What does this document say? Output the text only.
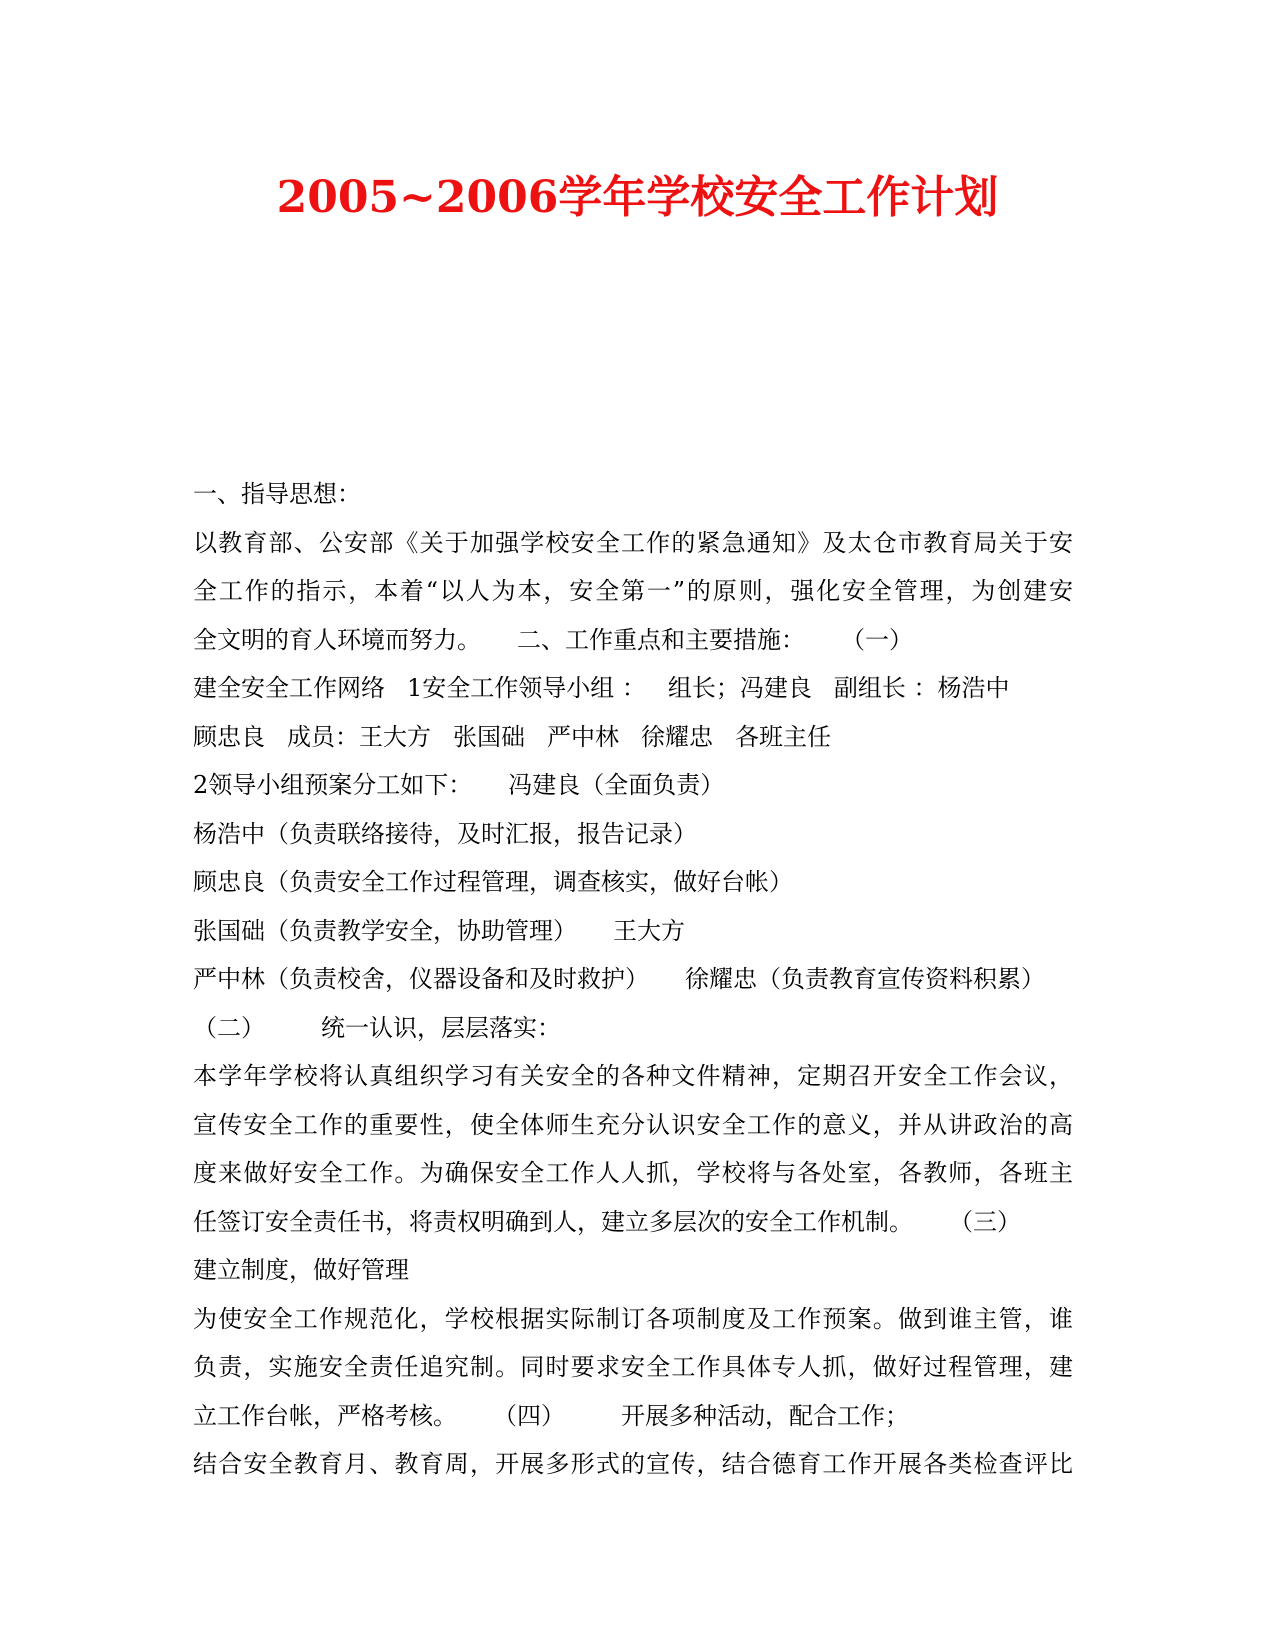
2005~2006学年学校安全工作计划
一、指导思想：
以教育部、公安部《关于加强学校安全工作的紧急通知》及太仓市教育局关于安
全工作的指示，本着“以人为本，安全第一”的原则，强化安全管理，为创建安
全文明的育人环境而努力。 二、工作重点和主要措施： （一）
建全安全工作网络 1安全工作领导小组 ： 组长；冯建良 副组长 ：杨浩中
顾忠良 成员：王大方 张国础 严中林 徐耀忠 各班主任
2领导小组预案分工如下： 冯建良（全面负责）
杨浩中（负责联络接待，及时汇报，报告记录）
顾忠良（负责安全工作过程管理，调查核实，做好台帐）
张国础（负责教学安全，协助管理） 王大方
严中林（负责校舍，仪器设备和及时救护） 徐耀忠（负责教育宣传资料积累）
（二） 统一认识，层层落实：
本学年学校将认真组织学习有关安全的各种文件精神，定期召开安全工作会议，
宣传安全工作的重要性，使全体师生充分认识安全工作的意义，并从讲政治的高
度来做好安全工作。为确保安全工作人人抓，学校将与各处室，各教师，各班主
任签订安全责任书，将责权明确到人，建立多层次的安全工作机制。 （三）
建立制度，做好管理
为使安全工作规范化，学校根据实际制订各项制度及工作预案。做到谁主管，谁
负责，实施安全责任追究制。同时要求安全工作具体专人抓，做好过程管理，建
立工作台帐，严格考核。 （四） 开展多种活动，配合工作；
结合安全教育月、教育周，开展多形式的宣传，结合德育工作开展各类检查评比
